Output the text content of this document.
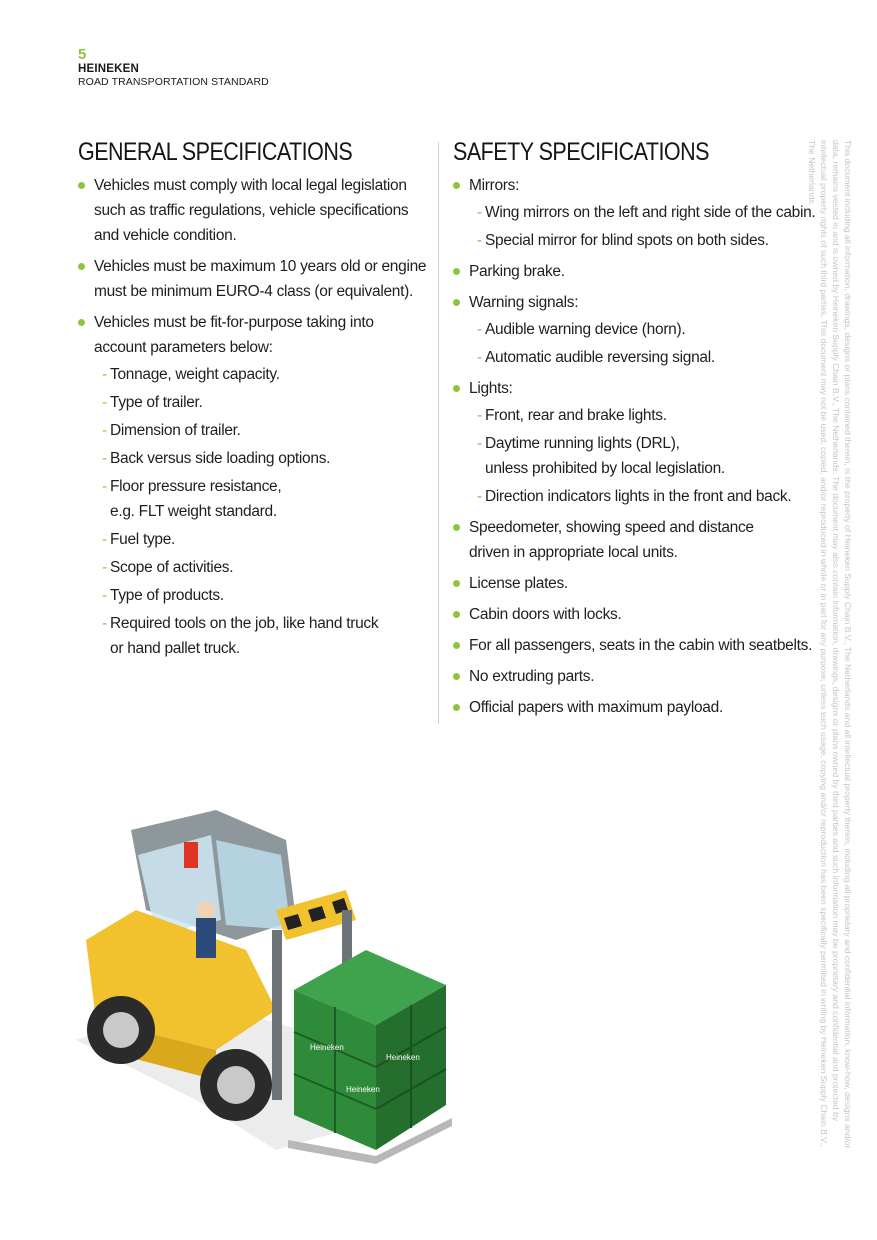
5
HEINEKEN
ROAD TRANSPORTATION STANDARD
GENERAL SPECIFICATIONS
Vehicles must comply with local legal legislation such as traffic regulations, vehicle specifications and vehicle condition.
Vehicles must be maximum 10 years old or engine must be minimum EURO-4 class (or equivalent).
Vehicles must be fit-for-purpose taking into account parameters below:
- Tonnage, weight capacity.
- Type of trailer.
- Dimension of trailer.
- Back versus side loading options.
- Floor pressure resistance, e.g. FLT weight standard.
- Fuel type.
- Scope of activities.
- Type of products.
- Required tools on the job, like hand truck or hand pallet truck.
SAFETY SPECIFICATIONS
Mirrors:
- Wing mirrors on the left and right side of the cabin.
- Special mirror for blind spots on both sides.
Parking brake.
Warning signals:
- Audible warning device (horn).
- Automatic audible reversing signal.
Lights:
- Front, rear and brake lights.
- Daytime running lights (DRL), unless prohibited by local legislation.
- Direction indicators lights in the front and back.
Speedometer, showing speed and distance driven in appropriate local units.
License plates.
Cabin doors with locks.
For all passengers, seats in the cabin with seatbelts.
No extruding parts.
Official papers with maximum payload.	This document including all information, drawings, designs or plans contained therein, is the property of Heineken Supply Chain B.V., The Netherlands and all intellectual property therein, including all proprietary and confidential information, know-how, designs and/or data, remains vested in and is owned by Heineken Supply Chain B.V., The Netherlands. The document may also contain information, drawings, designs or plans owned by third parties and such information may be proprietary and confidential and protected by intellectual property rights of such third parties. This document may not be used, copied, and/or reproduced in whole or in part for any purpose, unless such usage, copying and/or reproduction has been specifically permitted in writing by Heineken Supply Chain B.V., The Netherlands.
Heineken
Heineken
Heineken
